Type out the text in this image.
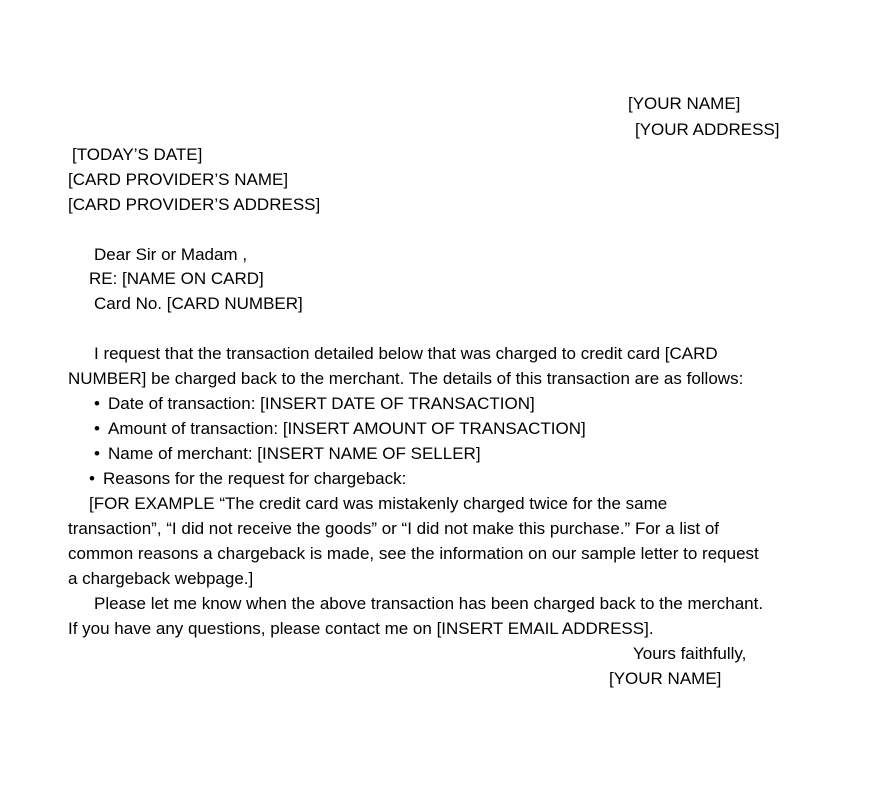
[YOUR NAME]
[YOUR ADDRESS]
[TODAY’S DATE]
[CARD PROVIDER’S NAME]
[CARD PROVIDER’S ADDRESS]
Dear Sir or Madam ,
RE: [NAME ON CARD]
Card No. [CARD NUMBER]
I request that the transaction detailed below that was charged to credit card [CARD
NUMBER] be charged back to the merchant. The details of this transaction are as follows:
• Date of transaction: [INSERT DATE OF TRANSACTION]
• Amount of transaction: [INSERT AMOUNT OF TRANSACTION]
• Name of merchant: [INSERT NAME OF SELLER]
• Reasons for the request for chargeback:
[FOR EXAMPLE “The credit card was mistakenly charged twice for the same
transaction”, “I did not receive the goods” or “I did not make this purchase.” For a list of
common reasons a chargeback is made, see the information on our sample letter to request
a chargeback webpage.]
Please let me know when the above transaction has been charged back to the merchant.
If you have any questions, please contact me on [INSERT EMAIL ADDRESS].
Yours faithfully,
[YOUR NAME]
